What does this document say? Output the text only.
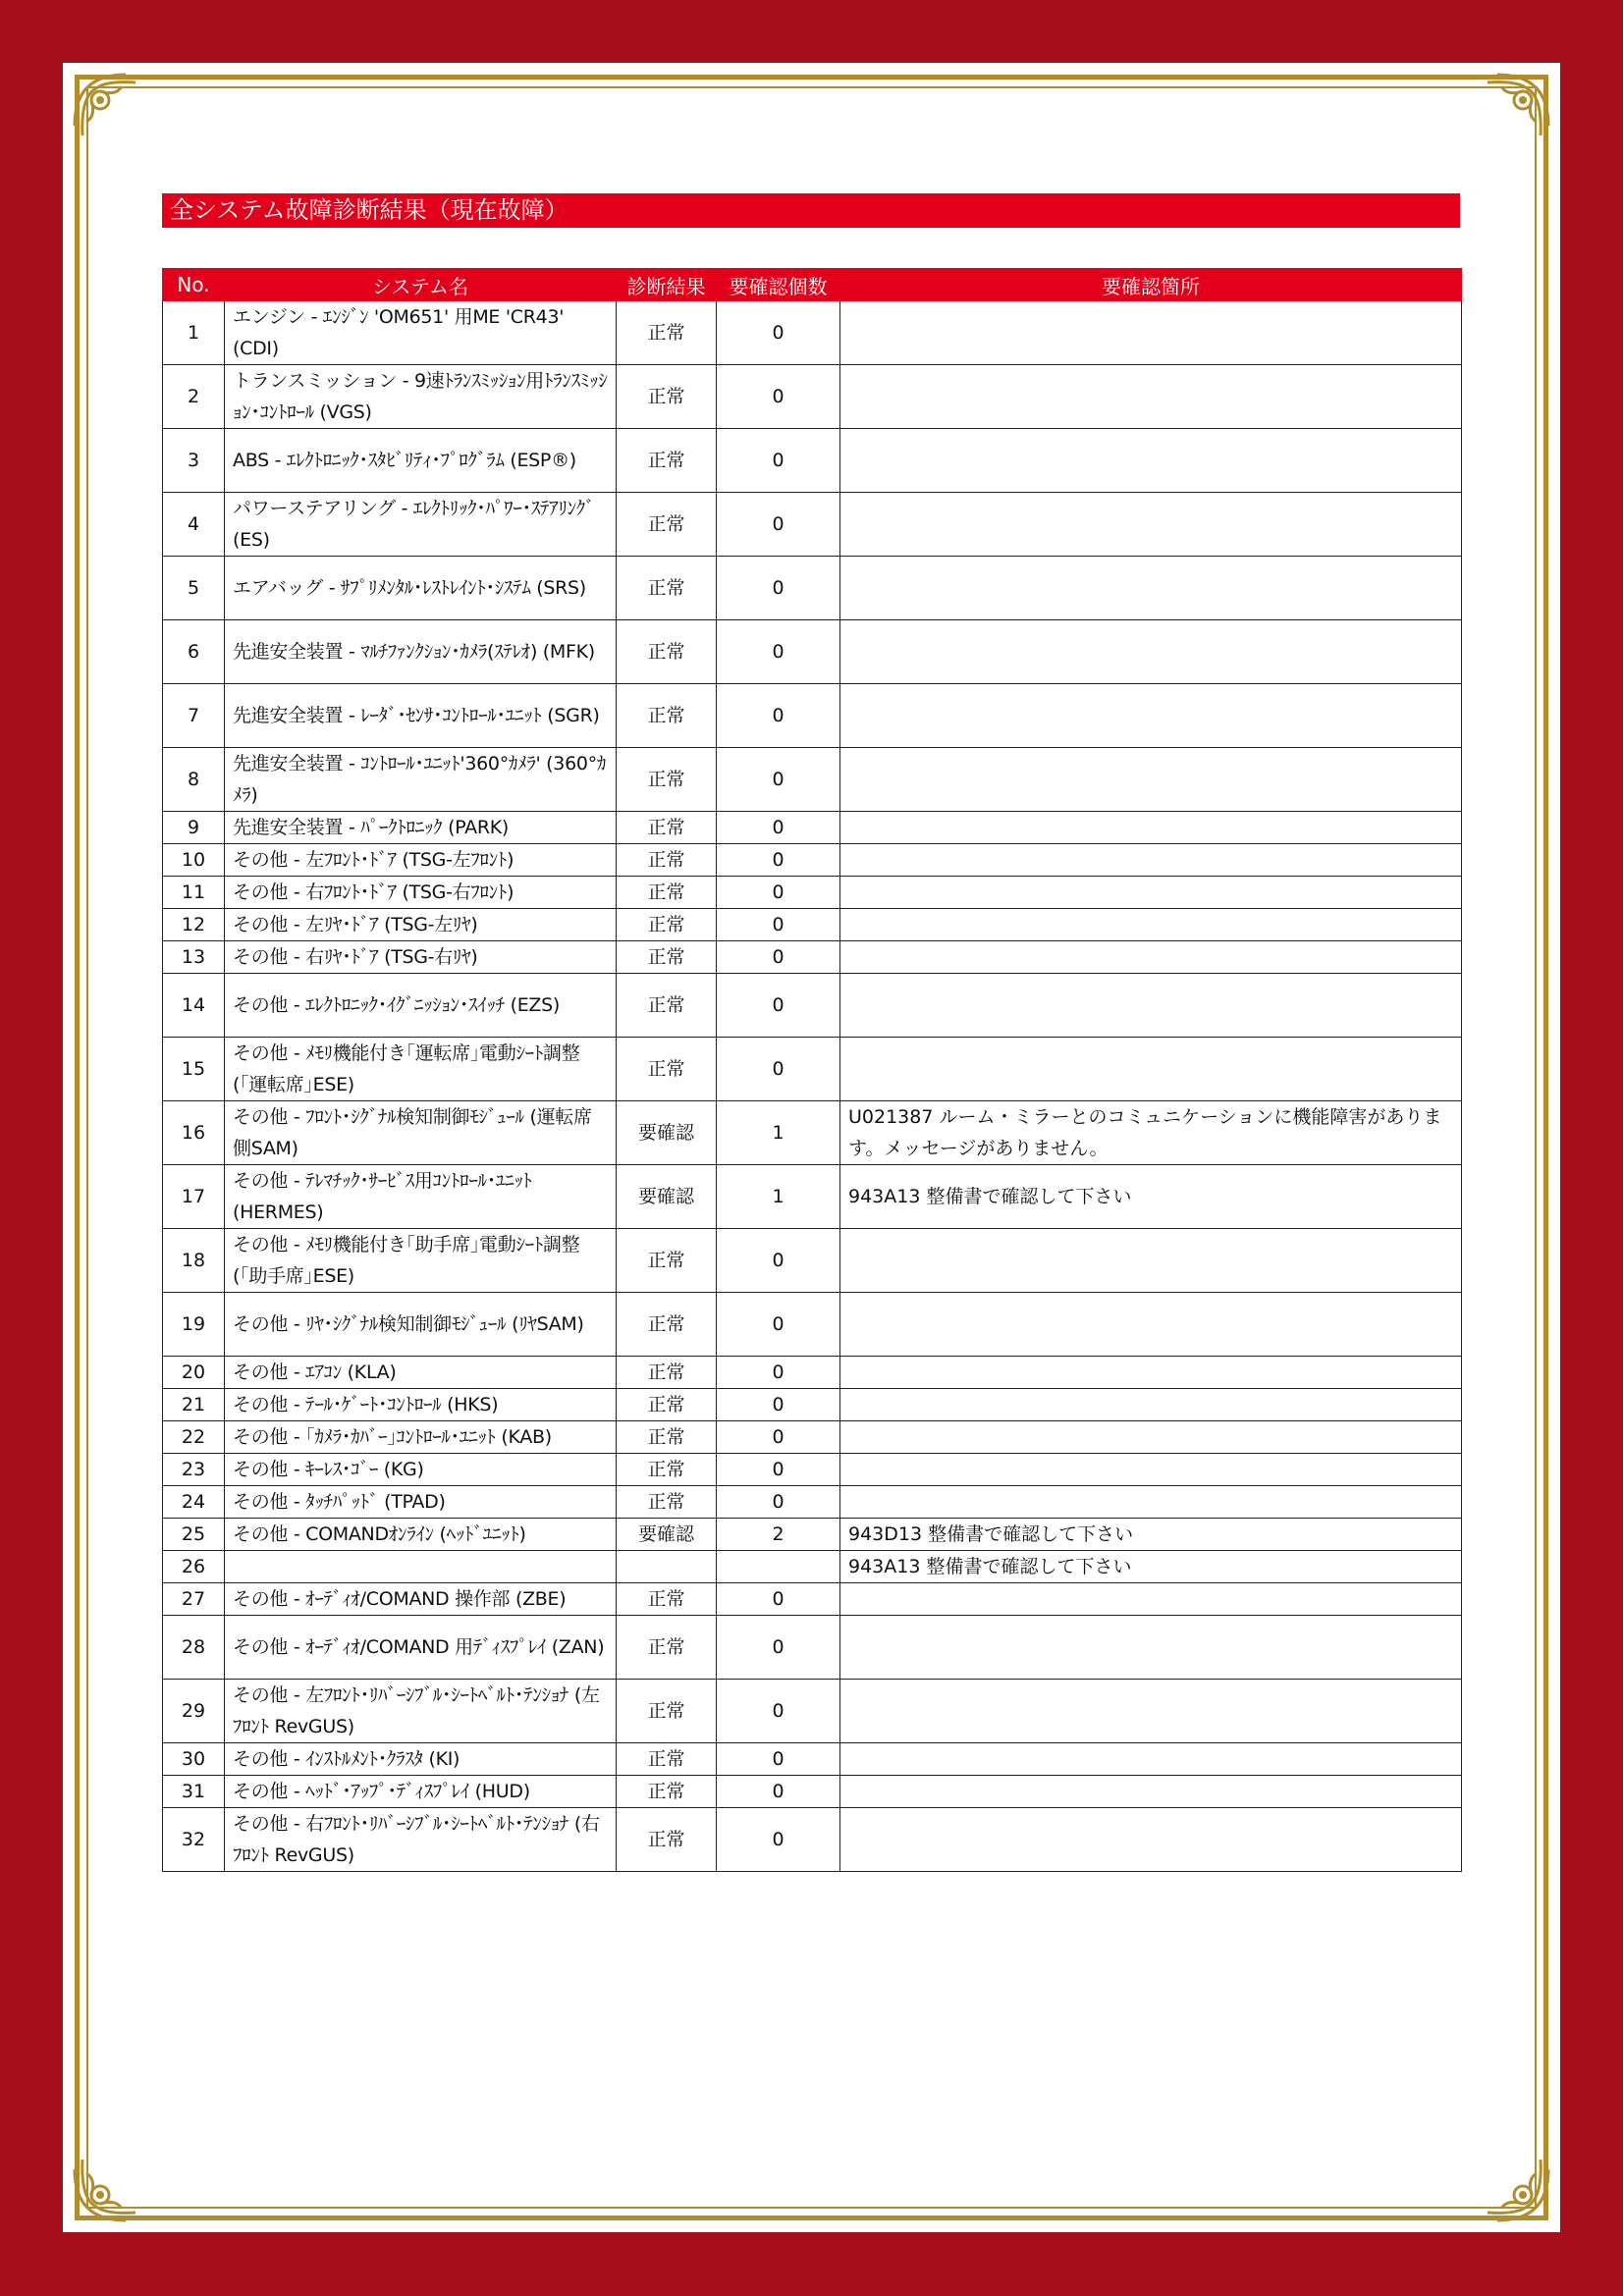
全システム故障診断結果（現在故障）
No.	システム名	診断結果	要確認個数	要確認箇所
1	エンジン - ｴﾝｼﾞﾝ 'OM651' 用ME 'CR43' (CDI)	正常	0	
2	トランスミッション - 9速ﾄﾗﾝｽﾐｯｼｮﾝ用ﾄﾗﾝｽﾐｯｼｮﾝ･ｺﾝﾄﾛｰﾙ (VGS)	正常	0	
3	ABS - ｴﾚｸﾄﾛﾆｯｸ･ｽﾀﾋﾞﾘﾃｨ･ﾌﾟﾛｸﾞﾗﾑ (ESP®)	正常	0	
4	パワーステアリング - ｴﾚｸﾄﾘｯｸ･ﾊﾟﾜｰ･ｽﾃｱﾘﾝｸﾞ (ES)	正常	0	
5	エアバッグ - ｻﾌﾟﾘﾒﾝﾀﾙ･ﾚｽﾄﾚｲﾝﾄ･ｼｽﾃﾑ (SRS)	正常	0	
6	先進安全装置 - ﾏﾙﾁﾌｧﾝｸｼｮﾝ･ｶﾒﾗ(ｽﾃﾚｵ) (MFK)	正常	0	
7	先進安全装置 - ﾚｰﾀﾞ･ｾﾝｻ･ｺﾝﾄﾛｰﾙ･ﾕﾆｯﾄ (SGR)	正常	0	
8	先進安全装置 - ｺﾝﾄﾛｰﾙ･ﾕﾆｯﾄ'360°ｶﾒﾗ' (360°ｶﾒﾗ)	正常	0	
9	先進安全装置 - ﾊﾟｰｸﾄﾛﾆｯｸ (PARK)	正常	0	
10	その他 - 左ﾌﾛﾝﾄ･ﾄﾞｱ (TSG-左ﾌﾛﾝﾄ)	正常	0	
11	その他 - 右ﾌﾛﾝﾄ･ﾄﾞｱ (TSG-右ﾌﾛﾝﾄ)	正常	0	
12	その他 - 左ﾘﾔ･ﾄﾞｱ (TSG-左ﾘﾔ)	正常	0	
13	その他 - 右ﾘﾔ･ﾄﾞｱ (TSG-右ﾘﾔ)	正常	0	
14	その他 - ｴﾚｸﾄﾛﾆｯｸ･ｲｸﾞﾆｯｼｮﾝ･ｽｲｯﾁ (EZS)	正常	0	
15	その他 - ﾒﾓﾘ機能付き｢運転席｣電動ｼｰﾄ調整 (｢運転席｣ESE)	正常	0	
16	その他 - ﾌﾛﾝﾄ･ｼｸﾞﾅﾙ検知制御ﾓｼﾞｭｰﾙ (運転席側SAM)	要確認	1	U021387 ルーム・ミラーとのコミュニケーションに機能障害があります。メッセージがありません。
17	その他 - ﾃﾚﾏﾁｯｸ･ｻｰﾋﾞｽ用ｺﾝﾄﾛｰﾙ･ﾕﾆｯﾄ (HERMES)	要確認	1	943A13 整備書で確認して下さい
18	その他 - ﾒﾓﾘ機能付き｢助手席｣電動ｼｰﾄ調整 (｢助手席｣ESE)	正常	0	
19	その他 - ﾘﾔ･ｼｸﾞﾅﾙ検知制御ﾓｼﾞｭｰﾙ (ﾘﾔSAM)	正常	0	
20	その他 - ｴｱｺﾝ (KLA)	正常	0	
21	その他 - ﾃｰﾙ･ｹﾞｰﾄ･ｺﾝﾄﾛｰﾙ (HKS)	正常	0	
22	その他 - ｢ｶﾒﾗ･ｶﾊﾞｰ｣ｺﾝﾄﾛｰﾙ･ﾕﾆｯﾄ (KAB)	正常	0	
23	その他 - ｷｰﾚｽ･ｺﾞｰ (KG)	正常	0	
24	その他 - ﾀｯﾁﾊﾟｯﾄﾞ (TPAD)	正常	0	
25	その他 - COMANDｵﾝﾗｲﾝ (ﾍｯﾄﾞﾕﾆｯﾄ)	要確認	2	943D13 整備書で確認して下さい
26				943A13 整備書で確認して下さい
27	その他 - ｵｰﾃﾞｨｵ/COMAND 操作部 (ZBE)	正常	0	
28	その他 - ｵｰﾃﾞｨｵ/COMAND 用ﾃﾞｨｽﾌﾟﾚｲ (ZAN)	正常	0	
29	その他 - 左ﾌﾛﾝﾄ･ﾘﾊﾞｰｼﾌﾞﾙ･ｼｰﾄﾍﾞﾙﾄ･ﾃﾝｼｮﾅ (左ﾌﾛﾝﾄ RevGUS)	正常	0	
30	その他 - ｲﾝｽﾄﾙﾒﾝﾄ･ｸﾗｽﾀ (KI)	正常	0	
31	その他 - ﾍｯﾄﾞ･ｱｯﾌﾟ･ﾃﾞｨｽﾌﾟﾚｲ (HUD)	正常	0	
32	その他 - 右ﾌﾛﾝﾄ･ﾘﾊﾞｰｼﾌﾞﾙ･ｼｰﾄﾍﾞﾙﾄ･ﾃﾝｼｮﾅ (右ﾌﾛﾝﾄ RevGUS)	正常	0	
